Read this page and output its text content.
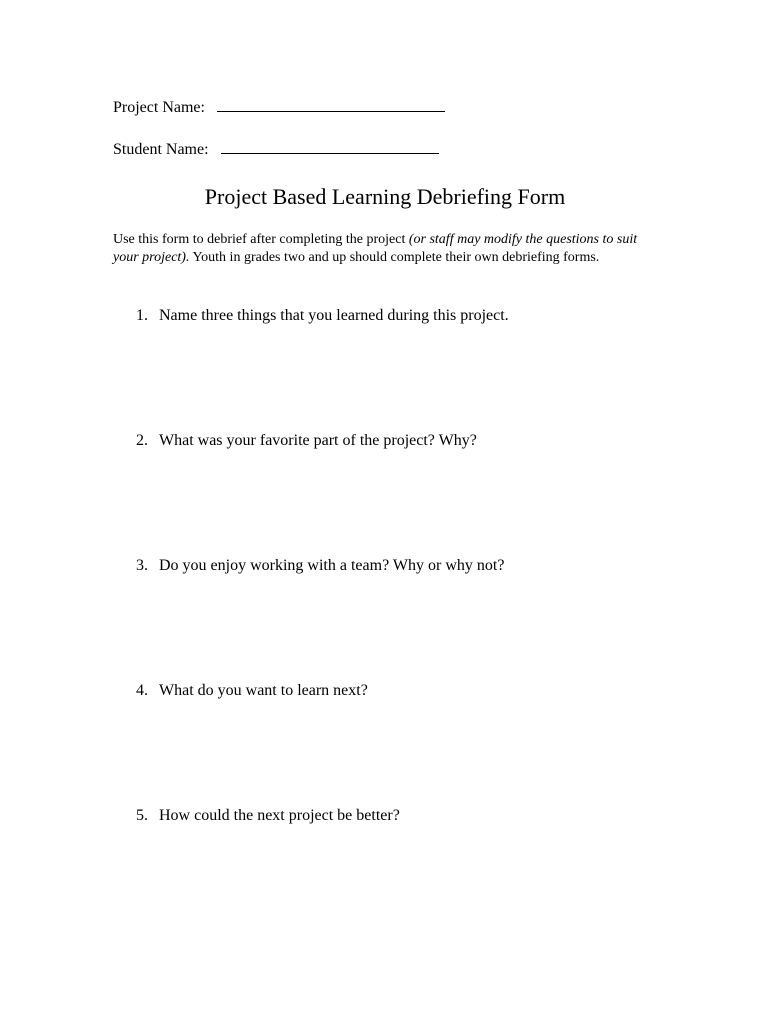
Project Name:
Student Name:
Project Based Learning Debriefing Form
Use this form to debrief after completing the project (or staff may modify the questions to suit your project). Youth in grades two and up should complete their own debriefing forms.
1. Name three things that you learned during this project.
2. What was your favorite part of the project? Why?
3. Do you enjoy working with a team? Why or why not?
4. What do you want to learn next?
5. How could the next project be better?
